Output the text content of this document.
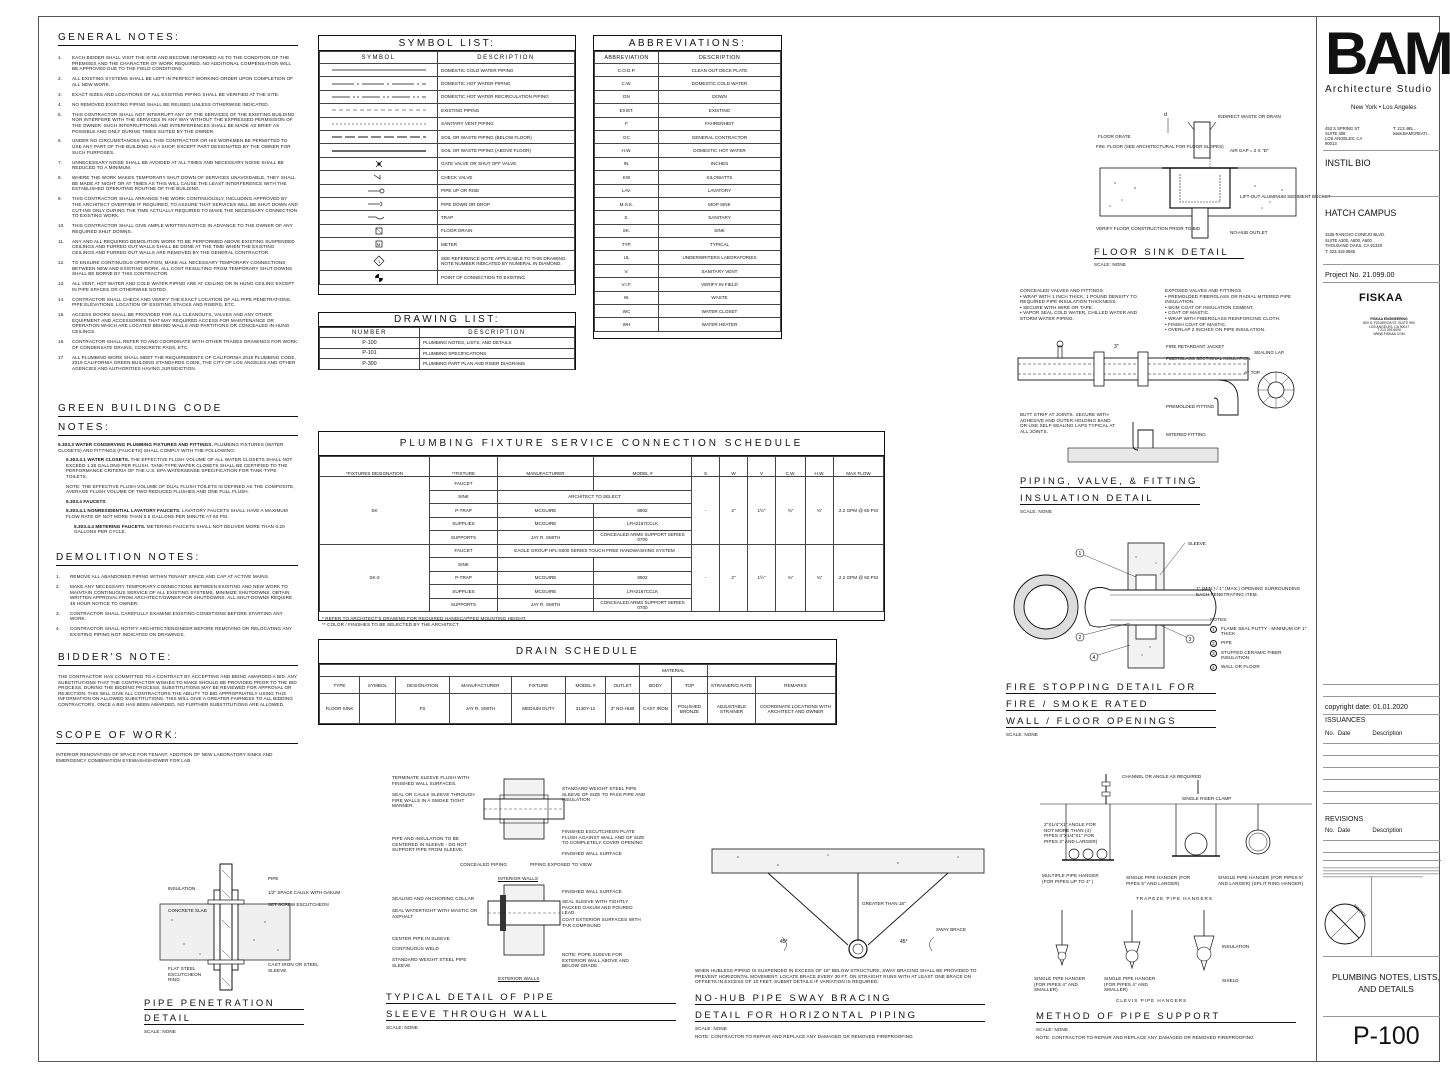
GENERAL NOTES:
1.	EACH BIDDER SHALL VISIT THE SITE AND BECOME INFORMED AS TO THE CONDITION OF THE PREMISES AND THE CHARACTER OF WORK REQUIRED. NO ADDITIONAL COMPENSATION WILL BE APPROVED DUE TO THE FIELD CONDITIONS.
2.	ALL EXISTING SYSTEMS SHALL BE LEFT IN PERFECT WORKING ORDER UPON COMPLETION OF ALL NEW WORK.
3.	EXACT SIZES AND LOCATIONS OF ALL EXISTING PIPING SHALL BE VERIFIED AT THE SITE.
4.	NO REMOVED EXISTING PIPING SHALL BE REUSED UNLESS OTHERWISE INDICATED.
5.	THIS CONTRACTOR SHALL NOT INTERRUPT ANY OF THE SERVICES OF THE EXISTING BUILDING NOR INTERFERE WITH THE SERVICES IN ANY WAY WITHOUT THE EXPRESSED PERMISSION OF THE OWNER. SUCH INTERRUPTIONS AND INTERFERENCES SHALL BE MADE AS BRIEF AS POSSIBLE AND ONLY DURING TIMES SUITED BY THE OWNER.
6.	UNDER NO CIRCUMSTANCES WILL THIS CONTRACTOR OR HIS WORKMEN BE PERMITTED TO USE ANY PART OF THE BUILDING AS A SHOP, EXCEPT PART DESIGNATED BY THE OWNER FOR SUCH PURPOSES.
7.	UNNECESSARY NOISE SHALL BE AVOIDED AT ALL TIMES AND NECESSARY NOISE SHALL BE REDUCED TO A MINIMUM.
8.	WHERE THE WORK MAKES TEMPORARY SHUT DOWN OF SERVICES UNAVOIDABLE, THEY SHALL BE MADE AT NIGHT OR AT TIMES AS THIS WILL CAUSE THE LEAST INTERFERENCE WITH THE ESTABLISHED OPERATING ROUTINE OF THE BUILDING.
9.	THIS CONTRACTOR SHALL ARRANGE THE WORK CONTINUOUSLY, INCLUDING APPROVED BY THE ARCHITECT OVERTIME IF REQUIRED, TO ASSURE THAT SERVICES WILL BE SHUT DOWN AND CUT-INS ONLY DURING THE TIME ACTUALLY REQUIRED TO MAKE THE NECESSARY CONNECTION TO EXISTING WORK.
10.	THIS CONTRACTOR SHALL GIVE AMPLE WRITTEN NOTICE IN ADVANCE TO THE OWNER OF ANY REQUIRED SHUT DOWNS.
11.	ANY AND ALL REQUIRED DEMOLITION WORK TO BE PERFORMED ABOVE EXISTING SUSPENDED CEILINGS AND FURRED OUT WALLS SHALL BE DONE AT THE TIME WHEN THE EXISTING CEILINGS AND FURRED OUT WALLS ARE REMOVED BY THE GENERAL CONTRACTOR.
12.	TO ENSURE CONTINUOUS OPERATION, MAKE ALL NECESSARY TEMPORARY CONNECTIONS BETWEEN NEW AND EXISTING WORK. ALL COST RESULTING FROM TEMPORARY SHUT DOWNS SHALL BE BORNE BY THIS CONTRACTOR.
13.	ALL VENT, HOT WATER AND COLD WATER PIPING ARE AT CEILING OR IN HUNG CEILING EXCEPT IN PIPE SPACES OR OTHERWISE NOTED.
14.	CONTRACTOR SHALL CHECK AND VERIFY THE EXACT LOCATION OF ALL PIPE PENETRATIONS, PIPE ELEVATIONS, LOCATION OF EXISTING STACKS AND RISERS, ETC.
15.	ACCESS DOORS SHALL BE PROVIDED FOR ALL CLEANOUTS, VALVES AND ANY OTHER EQUIPMENT AND ACCESSORIES THAT MAY REQUIRED ACCESS FOR MAINTENANCE OR OPERATION WHICH ARE LOCATED BEHIND WALLS AND PARTITIONS OR CONCEALED IN HUNG CEILINGS.
16.	CONTRACTOR SHALL REFER TO AND COORDINATE WITH OTHER TRADES DRAWINGS FOR WORK OF CONDENSATE DRAINS, CONCRETE PADS, ETC.
17.	ALL PLUMBING WORK SHALL MEET THE REQUIREMENTS OF CALIFORNIA 2019 PLUMBING CODE, 2019 CALIFORNIA GREEN BUILDING STANDARDS CODE, THE CITY OF LOS ANGELES AND OTHER AGENCIES AND AUTHORITIES HAVING JURISDICTION.
GREEN BUILDING CODE
NOTES:

5.303.3 WATER CONSERVING PLUMBING FIXTURES AND FITTINGS. PLUMBING FIXTURES (WATER CLOSETS) AND FITTINGS (FAUCETS) SHALL COMPLY WITH THE FOLLOWING:

5.303.3.1 WATER CLOSETS. THE EFFECTIVE FLUSH VOLUME OF ALL WATER CLOSETS SHALL NOT EXCEED 1.28 GALLONS PER FLUSH. TANK-TYPE WATER CLOSETS SHALL BE CERTIFIED TO THE PERFORMANCE CRITERIA OF THE U.S. EPA WATERSENSE SPECIFICATION FOR TANK-TYPE TOILETS.

NOTE: THE EFFECTIVE FLUSH VOLUME OF DUAL FLUSH TOILETS IS DEFINED AS THE COMPOSITE, AVERAGE FLUSH VOLUME OF TWO REDUCED FLUSHES AND ONE FULL FLUSH.

5.303.4 FAUCETS

5.303.4.1 NONRESIDENTIAL LAVATORY FAUCETS. LAVATORY FAUCETS SHALL HAVE A MAXIMUM FLOW RATE OF NOT MORE THAN 0.5 GALLONS PER MINUTE AT 60 PSI.

5.303.4.4 METERING FAUCETS. METERING FAUCETS SHALL NOT DELIVER MORE THAN 0.20 GALLONS PER CYCLE.

DEMOLITION NOTES:
1.	REMOVE ALL ABANDONED PIPING WITHIN TENANT SPACE AND CAP AT ACTIVE MAINS.
2.	MAKE ANY NECESSARY TEMPORARY CONNECTIONS BETWEEN EXISTING AND NEW WORK TO MAINTAIN CONTINUOUS SERVICE OF ALL EXISTING SYSTEMS. MINIMIZE SHUTDOWNS. OBTAIN WRITTEN APPROVAL FROM ARCHITECT/OWNER FOR SHUTDOWNS. ALL SHUT-DOWNS REQUIRE 48 HOUR NOTICE TO OWNER.
3.	CONTRACTOR SHALL CAREFULLY EXAMINE EXISTING CONDITIONS BEFORE STARTING ANY WORK.
4.	CONTRACTOR SHALL NOTIFY ARCHITECT/ENGINEER BEFORE REMOVING OR RELOCATING ANY EXISTING PIPING NOT INDICATED ON DRAWINGS.
BIDDER'S NOTE:

THE CONTRACTOR HAS COMMITTED TO A CONTRACT BY ACCEPTING AND BEING AWARDED A BID. ANY SUBSTITUTIONS THAT THE CONTRACTOR WISHES TO MAKE SHOULD BE PROVIDED PRIOR TO THE BID PROCESS. DURING THE BIDDING PROCESS, SUBSTITUTIONS MAY BE REVIEWED FOR APPROVAL OR REJECTION. THIS WILL GIVE ALL CONTRACTORS THE ABILITY TO BID APPROPRIATELY USING THIS INFORMATION ON ALLOWED SUBSTITUTIONS. THIS WILL GIVE A GREATER FAIRNESS TO ALL BIDDING CONTRACTORS. ONCE A BID HAS BEEN AWARDED, NO FURTHER SUBSTITUTIONS ARE ALLOWED.

SCOPE OF WORK:

INTERIOR RENOVATION OF SPACE FOR TENANT. ADDITION OF NEW LABORATORY SINKS AND EMERGENCY COMBINATION EYEWASH/SHOWER FOR LAB.

SYMBOL LIST:
SYMBOL	DESCRIPTION

	DOMESTIC COLD WATER PIPING

	DOMESTIC HOT WATER PIPING

	DOMESTIC HOT WATER RECIRCULATION PIPING

	EXISTING PIPING

	SANITARY VENT PIPING

	SOIL OR WASTE PIPING (BELOW FLOOR)

	SOIL OR WASTE PIPING (ABOVE FLOOR)

	GATE VALVE OR SHUT OFF VALVE

	CHECK VALVE

	PIPE UP OR RISE

	PIPE DOWN OR DROP

	TRAP

	FLOOR DRAIN

M	METER

1	SEE REFERENCE NOTE APPLICABLE TO THIS DRAWING. NOTE NUMBER INDICATED BY NUMERAL IN DIAMOND.

	POINT OF CONNECTION TO EXISTING
DRAWING LIST:
NUMBER	DESCRIPTION
P-100	PLUMBING NOTES, LISTS, AND DETAILS
P-101	PLUMBING SPECIFICATIONS
P-300	PLUMBING PART PLAN AND RISER DIAGRAMS
ABBREVIATIONS:
ABBREVIATION	DESCRIPTION
C.O.D.P.	CLEAN OUT DECK PLATE
C.W.	DOMESTIC COLD WATER
DN	DOWN
EXIST.	EXISTING
F	FAHRENHEIT
GC	GENERAL CONTRACTOR
H.W.	DOMESTIC HOT WATER
IN.	INCHES
KW	KILOWATTS
LAV.	LAVATORY
M.S.K.	MOP SINK
S.	SANITARY
SK.	SINK
TYP.	TYPICAL
UL	UNDERWRITERS LABORATORIES
V.	SANITARY VENT
V.I.F.	VERIFY IN FIELD
W.	WASTE
WC	WATER CLOSET
WH	WATER HEATER
PLUMBING FIXTURE SERVICE CONNECTION SCHEDULE
*FIXTURES DESIGNATION	**FIXTURE	MANUFACTURER	MODEL #	S	W	V	C.W.	H.W.	MAX FLOW
SK	FAUCET			-	2"	1½"	¾"	¾"	2.2 GPM @ 60 PSI
	SINK	ARCHITECT TO SELECT							
	P-TRAP	MCGUIRE	8902						
	SUPPLIES	MCGUIRE	LFH2167CCLK						
	SUPPORTS	JAY R. SMITH	CONCEALED ARMS SUPPORT SERIES 0700						
SK-2	FAUCET	EAGLE GROUP HFL-5000 SERIES TOUCH FREE HANDWASHING SYSTEM		-	2"	1½"	¾"	¾"	2.2 GPM @ 60 PSI
	SINK								
	P-TRAP	MCGUIRE	8902						
	SUPPLIES	MCGUIRE	LFH2167CCLK						
	SUPPORTS	JAY R. SMITH	CONCEALED ARMS SUPPORT SERIES 0700						
* REFER TO ARCHITECT'S DRAWING FOR REQUIRED HANDICAPPED MOUNTING HEIGHT.
** COLOR / FINISHES TO BE SELECTED BY THE ARCHITECT.
DRAIN SCHEDULE
							MATERIAL			
TYPE	SYMBOL	DESIGNATION	MANUFACTURER	FIXTURE	MODEL #	OUTLET	BODY	TOP	STRAINER/G RATE	REMARKS
FLOOR SINK		FS	JAY R. SMITH	MEDIUM DUTY	3130Y-12	3" NO-HUB	CAST IRON	POLISHED BRONZE	ADJUSTABLE STRAINER	COORDINATE LOCATIONS WITH ARCHITECT AND OWNER
d	INDIRECT WASTE OR DRAIN
FLOOR GRATE
FINI. FLOOR (SEE ARCHITECTURAL FOR FLOOR SLOPES)
AIR GAP = 2 X "D"
LIFT-OUT ALUMINUM SEDIMENT BUCKET
NO-HUB OUTLET
VERIFY FLOOR CONSTRUCTION PRIOR TO BID
FLOOR SINK DETAIL
SCALE: NONE
CONCEALED VALVES AND FITTINGS
• WRAP WITH 1 INCH THICK, 1 POUND DENSITY TO REQUIRED PIPE INSULATION THICKNESS.
• SECURE WITH WIRE OR TAPE.
• VAPOR SEAL COLD WATER, CHILLED WATER AND STORM WATER PIPING.
EXPOSED VALVES AND FITTINGS
• PREMOLDED FIBERGLASS OR RADIAL MITERED PIPE INSULATION.
• SKIM COAT OF INSULATION CEMENT.
• COAT OF MASTIC.
• WRAP WITH FIBERGLASS REINFORCING CLOTH.
• FINISH COAT OF MASTIC.
• OVERLAP 2 INCHES ON PIPE INSULATION.
3"	FIRE RETARDANT JACKET
FIBERGLASS SECTIONAL INSULATION
SEALING LAP.
AT TOP.
PREMOLDED FITTING
MITERED FITTING
BUTT STRIP AT JOINTS. SECURE WITH ADHESIVE AND OUTER HOLDING BAND OR USE SELF-SEALING LAPS TYPICAL AT ALL JOINTS.
PIPING, VALVE, & FITTING
INSULATION DETAIL
SCALE: NONE
1
2	3
4
SLEEVE
1" (MIN.) / 1" (MAX.) OPENING SURROUNDING EACH PENETRATING ITEM.
NOTES:
1	FLAME SEAL PUTTY - MINIMUM OF 1" THICK
2	PIPE
3	STUFFED CERAMIC FIBER INSULATION
4	WALL OR FLOOR
FIRE STOPPING DETAIL FOR
FIRE / SMOKE RATED
WALL / FLOOR OPENINGS
SCALE: NONE
INSULATION
PIPE
1/2" SPACE CAULK WITH OAKUM
SET SCREW ESCUTCHEON
CONCRETE SLAB
FLAT STEEL ESCUTCHEON RING
CAST IRON OR STEEL SLEEVE
PIPE PENETRATION
DETAIL
SCALE: NONE
TERMINATE SLEEVE FLUSH WITH FINISHED WALL SURFACES.
SEAL OR CAULK SLEEVE THROUGH FIRE WALLS IN A SMOKE TIGHT MANNER.
STANDARD WEIGHT STEEL PIPE SLEEVE OF SIZE TO PASS PIPE AND INSULATION
PIPE AND INSULATION TO BE CENTERED IN SLEEVE - DO NOT SUPPORT PIPE FROM SLEEVE.
FINISHED ESCUTCHEON PLATE FLUSH AGAINST WALL AND OF SIZE TO COMPLETELY COVER OPENING
FINISHED WALL SURFACE
CONCEALED PIPING	PIPING EXPOSED TO VIEW
INTERIOR WALLS
FINISHED WALL SURFACE
SEALING AND ANCHORING COLLAR
SEAL SLEEVE WITH TIGHTLY PACKED OAKUM AND POURED LEAD.
SEAL WATERTIGHT WITH MASTIC OR ASPHALT
COAT EXTERIOR SURFACES WITH TAR COMPOUND
CENTER PIPE IN SLEEVE
CONTINUOUS WELD
STANDARD WEIGHT STEEL PIPE SLEEVE
NOTE: POPE SLEEVE FOR EXTERIOR WALL ABOVE AND BELOW GRADE.
EXTERIOR WALLS
TYPICAL DETAIL OF PIPE
SLEEVE THROUGH WALL
SCALE: NONE
45°	45°
GREATER THAN 18"
SWAY BRACE
WHEN HUBLESS PIPING IS SUSPENDED IN EXCESS OF 18" BELOW STRUCTURE, SWAY BRACING SHALL BE PROVIDED TO PREVENT HORIZONTAL MOVEMENT. LOCATE BRACE EVERY 30 FT. ON STRAIGHT RUNS WITH AT LEAST ONE BRACE ON OFFSETS IN EXCESS OF 10 FEET. SUBMIT DETAILS IF VARIATION IS REQUIRED.
NO-HUB PIPE SWAY BRACING
DETAIL FOR HORIZONTAL PIPING
SCALE: NONE
NOTE: CONTRACTOR TO REPAIR AND REPLACE ANY DAMAGED OR REMOVED FIREPROOFING
CHANNEL OR ANGLE AS REQUIRED
SINGLE RISER CLAMP
TRAPEZE PIPE HANGERS
INSULATION
SHIELD
CLEVIS PIPE HANGERS
2"X1/4"X1" ANGLE FOR NOT MORE THAN (4) PIPES 4"X1/4"X1" FOR PIPES 2" AND LARGER)
MULTIPLE PIPE HANGER (FOR PIPES UP TO 4" )
SINGLE PIPE HANGER (FOR PIPES 5" AND LARGER)
SINGLE PIPE HANGER (FOR PIPES 5" AND LARGER) (SPLIT RING HANGER)
SINGLE PIPE HANGER (FOR PIPES 4" AND SMALLER)
SINGLE PIPE HANGER (FOR PIPES 4" AND SMALLER)
METHOD OF PIPE SUPPORT
SCALE: NONE
NOTE: CONTRACTOR TO REPAIR AND REPLACE ANY DAMAGED OR REMOVED FIREPROOFING
BAM
Architecture Studio
New York • Los Angeles
453 S SPRING ST
SUITE 408
LOS ANGELES, CA
90013
T: 213.465...
www.BAMCREATI...
INSTIL BIO
HATCH CAMPUS
1535 RANCHO CONEJO BLVD.
SUITE A300, A500, A600
THOUSAND OAKS, CA 91320
T: 323.419.0685
Project No. 21.099.00
FISKAA
FISKAA ENGINEERING
800 S. FIGUEROA ST. SUITE 990
LOS ANGELES, CA 90017
T 213 293 6000
WWW.FISKAA.COM
copyright date: 01.01.2020
ISSUANCES
No. Date	Description
REVISIONS
No. Date	Description
NORTH
PLUMBING NOTES, LISTS, AND DETAILS
P-100
